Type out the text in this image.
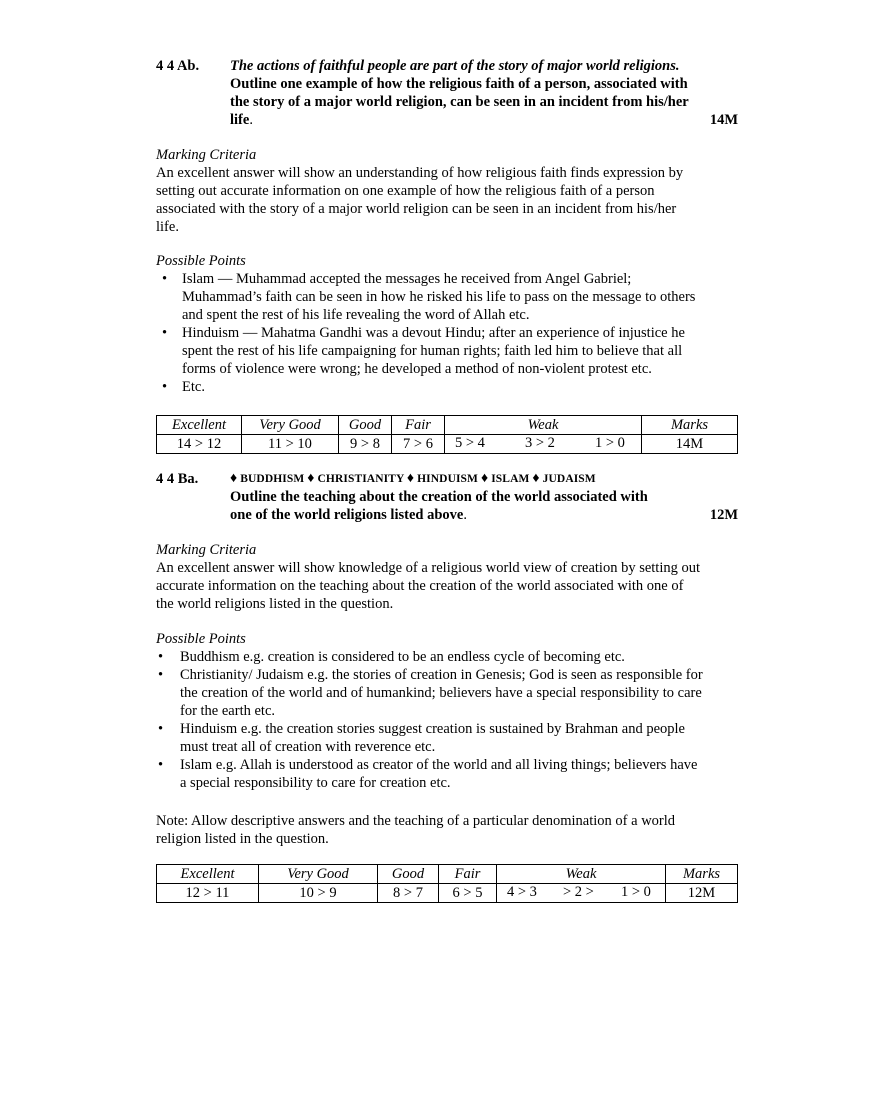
4 4 Ab. The actions of faithful people are part of the story of major world religions.
Outline one example of how the religious faith of a person, associated with
the story of a major world religion, can be seen in an incident from his/her
life.	14M
Marking Criteria
An excellent answer will show an understanding of how religious faith finds expression by
setting out accurate information on one example of how the religious faith of a person
associated with the story of a major world religion can be seen in an incident from his/her
life.
Possible Points
• Islam — Muhammad accepted the messages he received from Angel Gabriel;
Muhammad’s faith can be seen in how he risked his life to pass on the message to others
and spent the rest of his life revealing the word of Allah etc.
• Hinduism — Mahatma Gandhi was a devout Hindu; after an experience of injustice he
spent the rest of his life campaigning for human rights; faith led him to believe that all
forms of violence were wrong; he developed a method of non-violent protest etc.
• Etc.
Excellent	Very Good	Good	Fair	Weak	Marks
14 > 12	11 > 10	9 > 8	7 > 6	5 > 4 3 > 2 1 > 0	14M
4 4 Ba. ♦ BUDDHISM ♦ CHRISTIANITY ♦ HINDUISM ♦ ISLAM ♦ JUDAISM
Outline the teaching about the creation of the world associated with
one of the world religions listed above.	12M
Marking Criteria
An excellent answer will show knowledge of a religious world view of creation by setting out
accurate information on the teaching about the creation of the world associated with one of
the world religions listed in the question.
Possible Points
• Buddhism e.g. creation is considered to be an endless cycle of becoming etc.
• Christianity/ Judaism e.g. the stories of creation in Genesis; God is seen as responsible for
the creation of the world and of humankind; believers have a special responsibility to care
for the earth etc.
• Hinduism e.g. the creation stories suggest creation is sustained by Brahman and people
must treat all of creation with reverence etc.
• Islam e.g. Allah is understood as creator of the world and all living things; believers have
a special responsibility to care for creation etc.
Note: Allow descriptive answers and the teaching of a particular denomination of a world
religion listed in the question.
Excellent	Very Good	Good	Fair	Weak	Marks
12 > 11	10 > 9	8 > 7	6 > 5	4 > 3 > 2 > 1 > 0	12M
